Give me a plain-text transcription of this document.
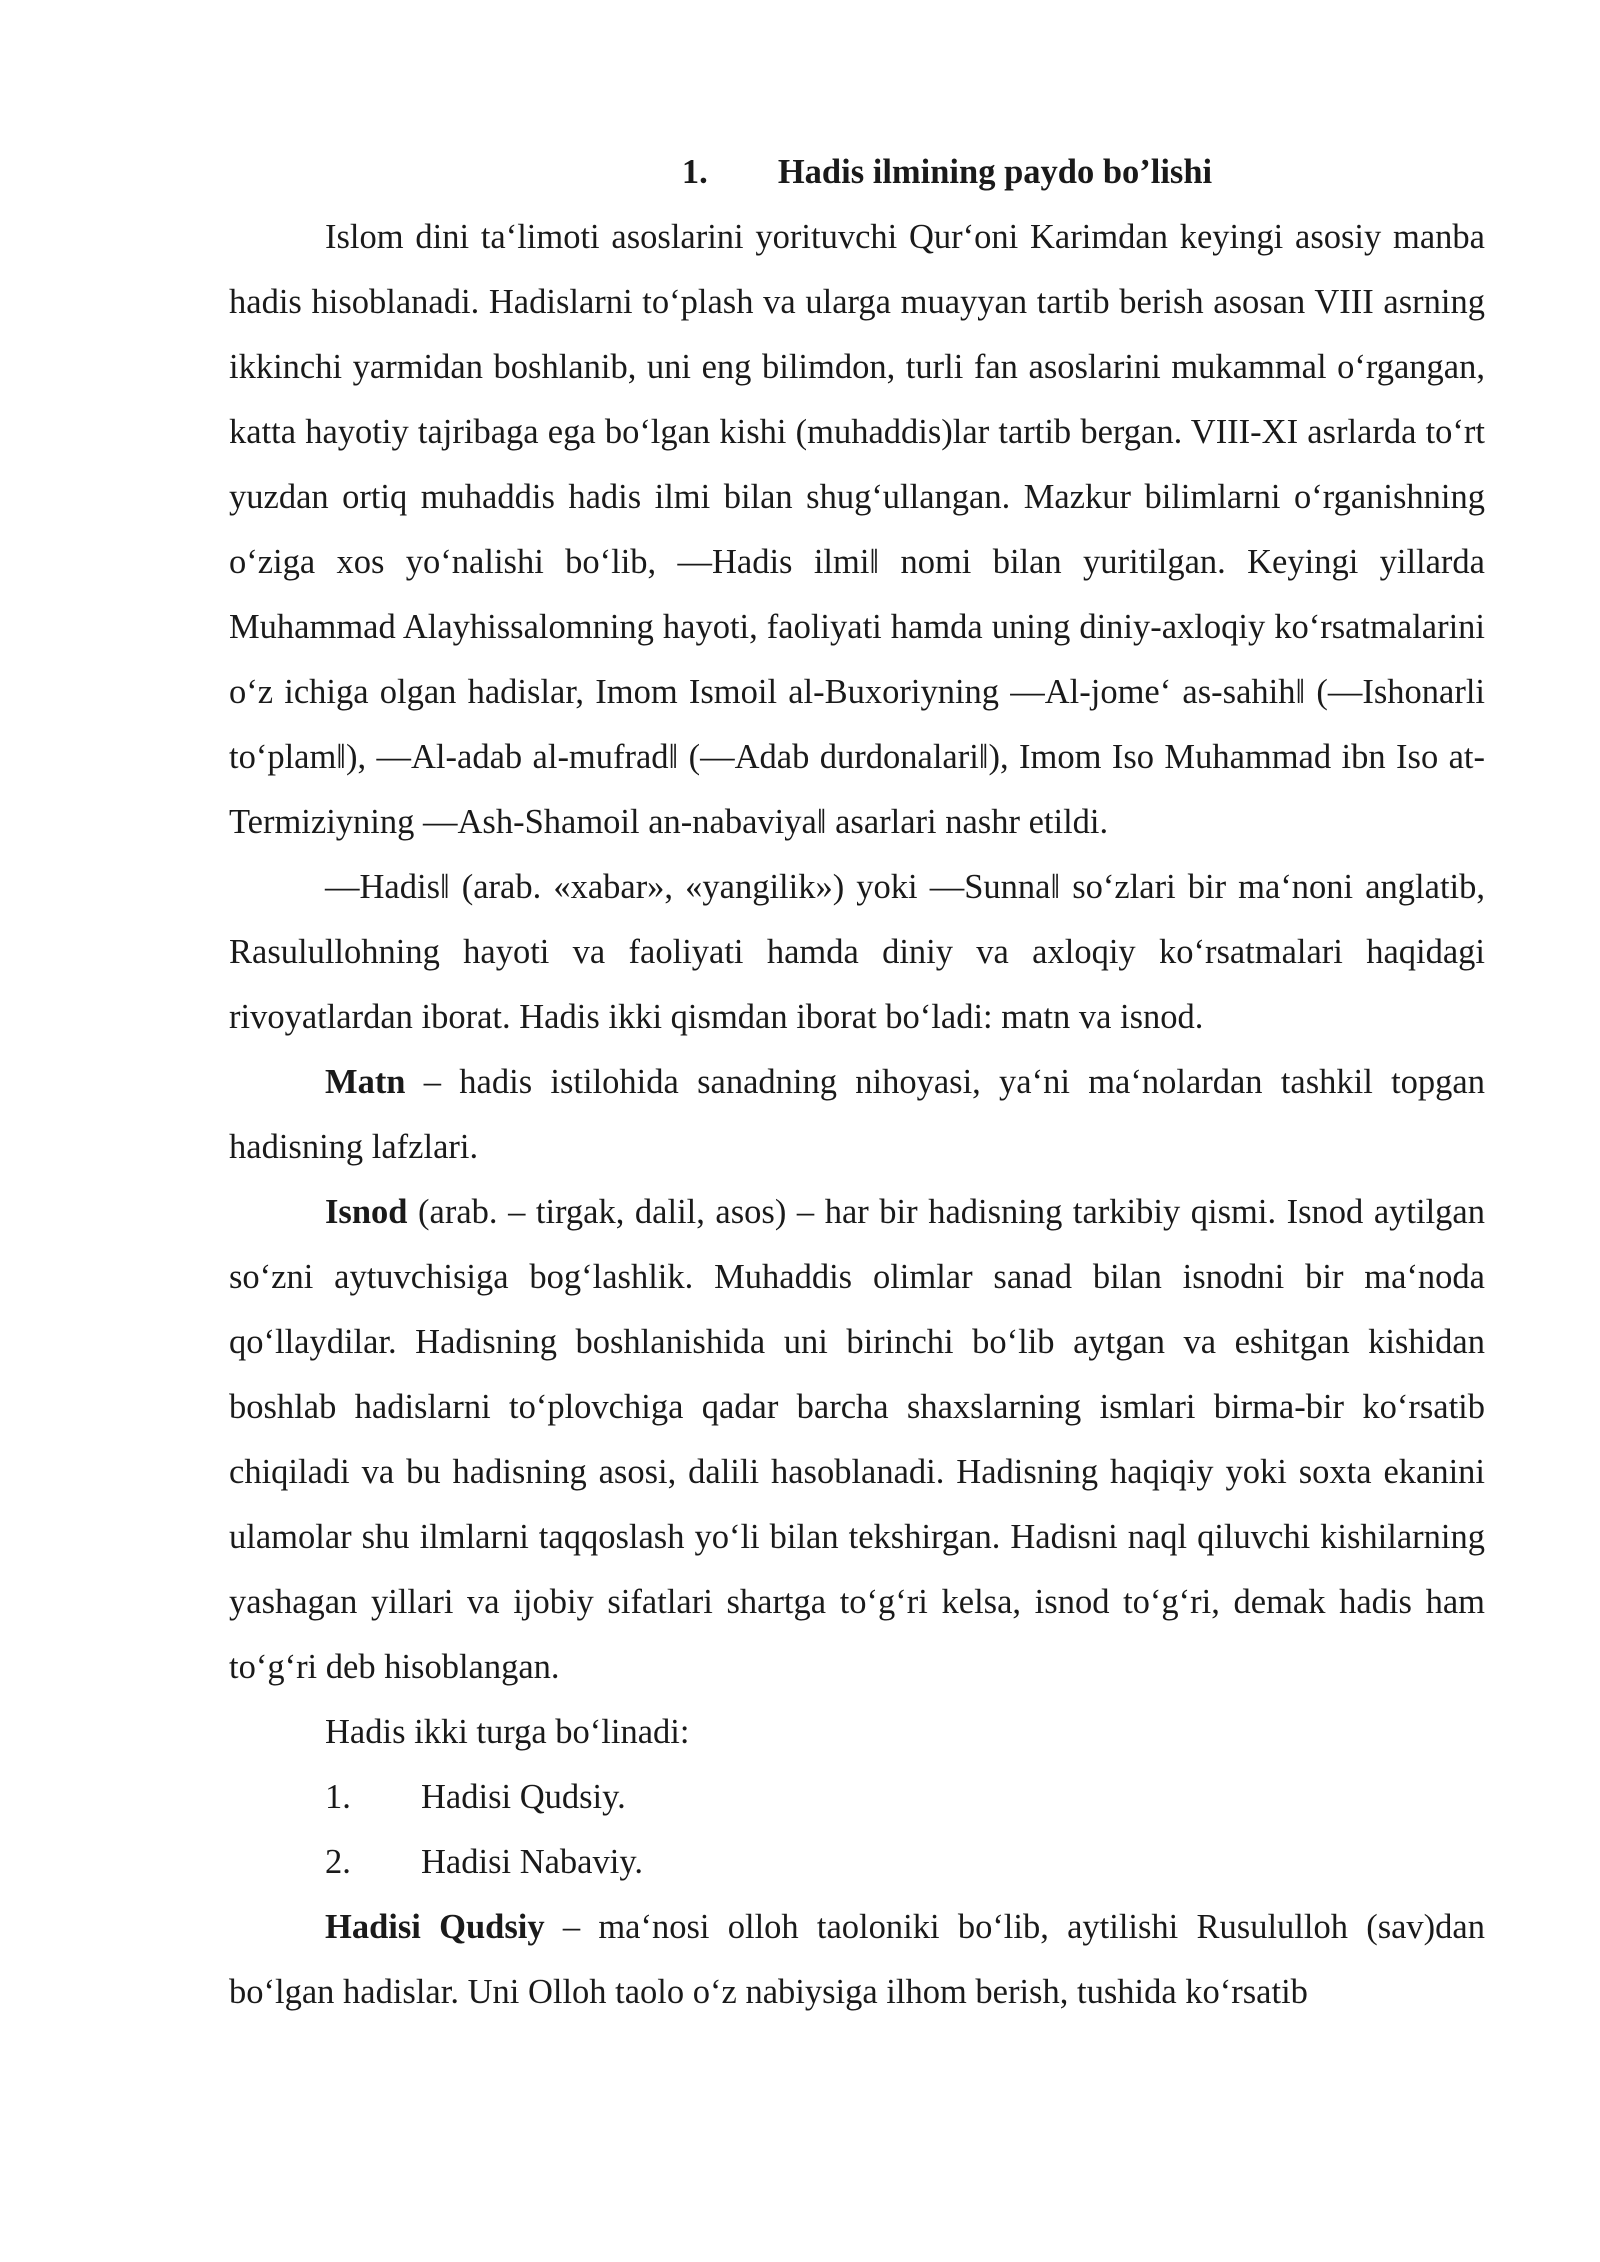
1. Hadis ilmining paydo bo’lishi

Islom dini ta‘limoti asoslarini yorituvchi Qur‘oni Karimdan keyingi asosiy manba hadis hisoblanadi. Hadislarni to‘plash va ularga muayyan tartib berish asosan VIII asrning ikkinchi yarmidan boshlanib, uni eng bilimdon, turli fan asoslarini mukammal o‘rgangan, katta hayotiy tajribaga ega bo‘lgan kishi (muhaddis)lar tartib bergan. VIII-XI asrlarda to‘rt yuzdan ortiq muhaddis hadis ilmi bilan shug‘ullangan. Mazkur bilimlarni o‘rganishning o‘ziga xos yo‘nalishi bo‘lib, ―Hadis ilmi‖ nomi bilan yuritilgan. Keyingi yillarda Muhammad Alayhissalomning hayoti, faoliyati hamda uning diniy-axloqiy ko‘rsatmalarini o‘z ichiga olgan hadislar, Imom Ismoil al-Buxoriyning ―Al-jome‘ as-sahih‖ (―Ishonarli to‘plam‖), ―Al-adab al-mufrad‖ (―Adab durdonalari‖), Imom Iso Muhammad ibn Iso at-Termiziyning ―Ash-Shamoil an-nabaviya‖ asarlari nashr etildi.

―Hadis‖ (arab. «xabar», «yangilik») yoki ―Sunna‖ so‘zlari bir ma‘noni anglatib, Rasulullohning hayoti va faoliyati hamda diniy va axloqiy ko‘rsatmalari haqidagi rivoyatlardan iborat. Hadis ikki qismdan iborat bo‘ladi: matn va isnod.

Matn – hadis istilohida sanadning nihoyasi, ya‘ni ma‘nolardan tashkil topgan hadisning lafzlari.

Isnod (arab. – tirgak, dalil, asos) – har bir hadisning tarkibiy qismi. Isnod aytilgan so‘zni aytuvchisiga bog‘lashlik. Muhaddis olimlar sanad bilan isnodni bir ma‘noda qo‘llaydilar. Hadisning boshlanishida uni birinchi bo‘lib aytgan va eshitgan kishidan boshlab hadislarni to‘plovchiga qadar barcha shaxslarning ismlari birma-bir ko‘rsatib chiqiladi va bu hadisning asosi, dalili hasoblanadi. Hadisning haqiqiy yoki soxta ekanini ulamolar shu ilmlarni taqqoslash yo‘li bilan tekshirgan. Hadisni naql qiluvchi kishilarning yashagan yillari va ijobiy sifatlari shartga to‘g‘ri kelsa, isnod to‘g‘ri, demak hadis ham to‘g‘ri deb hisoblangan.

Hadis ikki turga bo‘linadi:

1. Hadisi Qudsiy.
2. Hadisi Nabaviy.

Hadisi Qudsiy – ma‘nosi olloh taoloniki bo‘lib, aytilishi Rusululloh (sav)dan bo‘lgan hadislar. Uni Olloh taolo o‘z nabiysiga ilhom berish, tushida ko‘rsatib
